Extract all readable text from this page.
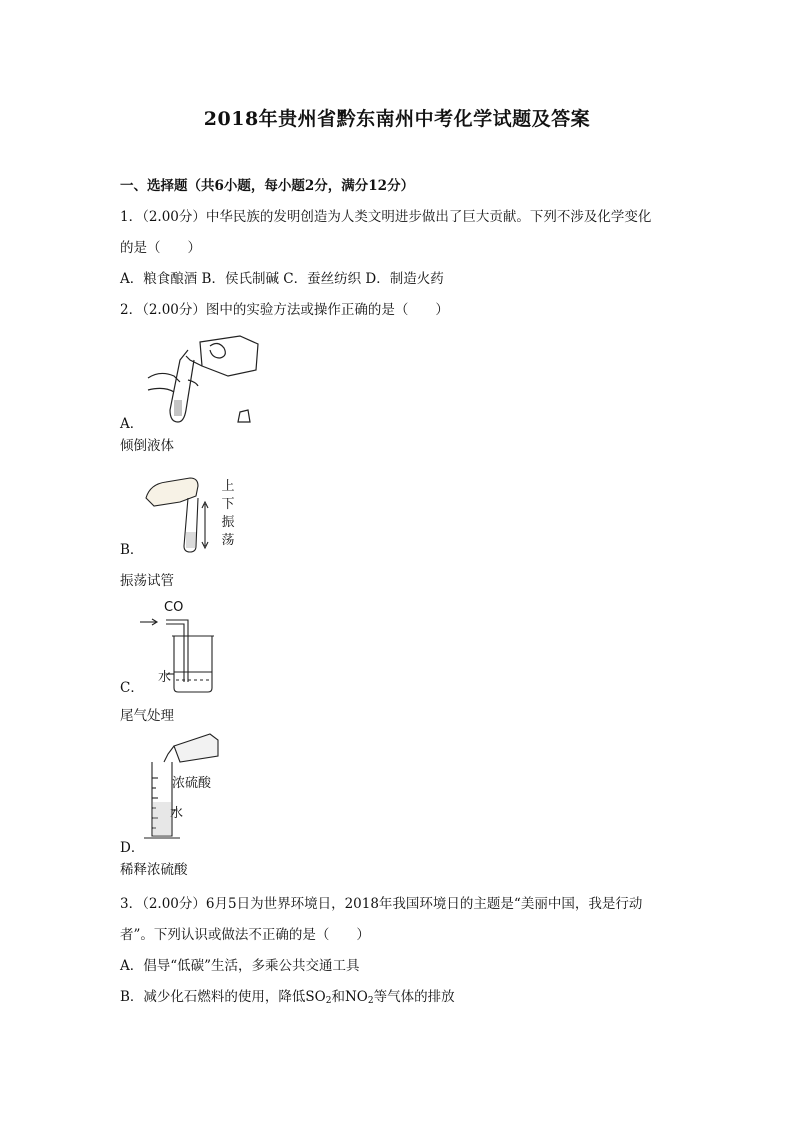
2018年贵州省黔东南州中考化学试题及答案
一、选择题（共6小题，每小题2分，满分12分）
1．（2.00分）中华民族的发明创造为人类文明进步做出了巨大贡献。下列不涉及化学变化
的是（　　）
A．粮食酿酒 B．侯氏制碱 C．蚕丝纺织 D．制造火药
2．（2.00分）图中的实验方法或操作正确的是（　　）
A．
倾倒液体
上
下
振
荡
B．
振荡试管
CO
水
C．
尾气处理
浓硫酸
水
D．
稀释浓硫酸
3．（2.00分）6月5日为世界环境日，2018年我国环境日的主题是“美丽中国，我是行动
者”。下列认识或做法不正确的是（　　）
A．倡导“低碳”生活，多乘公共交通工具
B．减少化石燃料的使用，降低$SO_2$和$NO_2$等气体的排放
